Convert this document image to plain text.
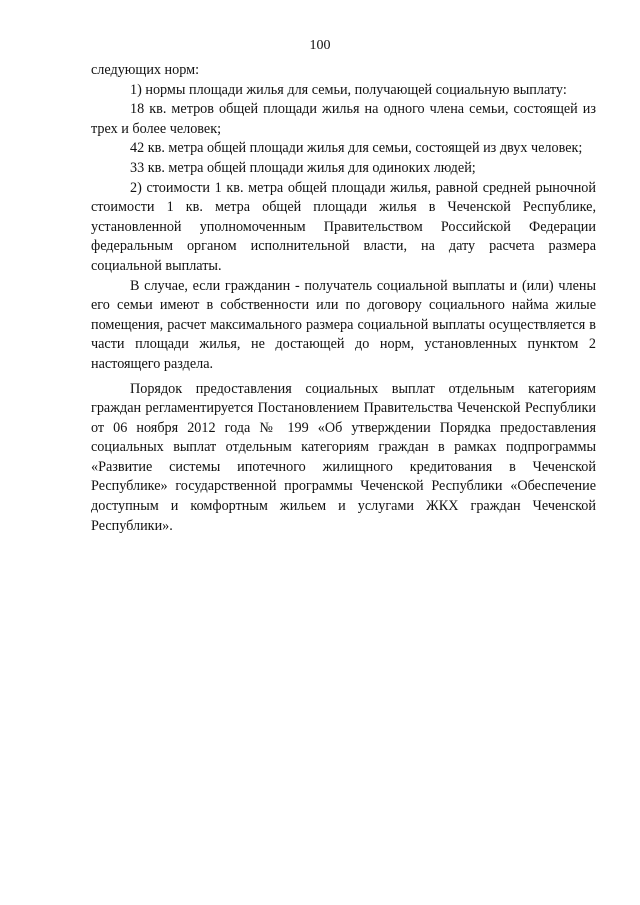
100

следующих норм:

1) нормы площади жилья для семьи, получающей социальную выплату:

18 кв. метров общей площади жилья на одного члена семьи, состоящей из трех и более человек;

42 кв. метра общей площади жилья для семьи, состоящей из двух человек;

33 кв. метра общей площади жилья для одиноких людей;

2) стоимости 1 кв. метра общей площади жилья, равной средней рыночной стоимости 1 кв. метра общей площади жилья в Чеченской Республике, установленной уполномоченным Правительством Российской Федерации федеральным органом исполнительной власти, на дату расчета размера социальной выплаты.

В случае, если гражданин - получатель социальной выплаты и (или) члены его семьи имеют в собственности или по договору социального найма жилые помещения, расчет максимального размера социальной выплаты осуществляется в части площади жилья, не достающей до норм, установленных пунктом 2 настоящего раздела.

Порядок предоставления социальных выплат отдельным категориям граждан регламентируется Постановлением Правительства Чеченской Республики от 06 ноября 2012 года № 199 «Об утверждении Порядка предоставления социальных выплат отдельным категориям граждан в рамках подпрограммы «Развитие системы ипотечного жилищного кредитования в Чеченской Республике» государственной программы Чеченской Республики «Обеспечение доступным и комфортным жильем и услугами ЖКХ граждан Чеченской Республики».
